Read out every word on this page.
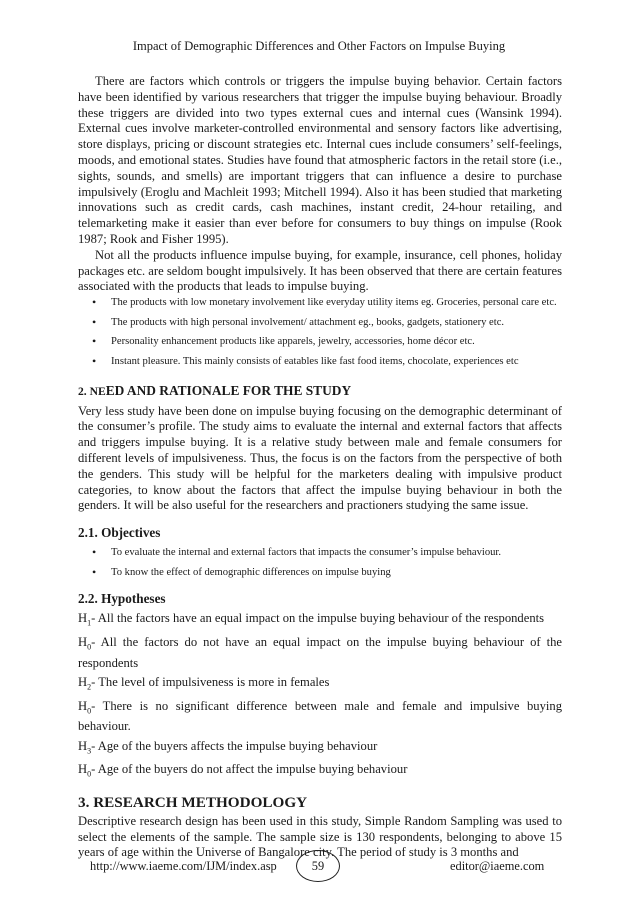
Impact of Demographic Differences and Other Factors on Impulse Buying

There are factors which controls or triggers the impulse buying behavior. Certain factors have been identified by various researchers that trigger the impulse buying behaviour. Broadly these triggers are divided into two types external cues and internal cues (Wansink 1994). External cues involve marketer-controlled environmental and sensory factors like advertising, store displays, pricing or discount strategies etc. Internal cues include consumers’ self-feelings, moods, and emotional states. Studies have found that atmospheric factors in the retail store (i.e., sights, sounds, and smells) are important triggers that can influence a desire to purchase impulsively (Eroglu and Machleit 1993; Mitchell 1994). Also it has been studied that marketing innovations such as credit cards, cash machines, instant credit, 24-hour retailing, and telemarketing make it easier than ever before for consumers to buy things on impulse (Rook 1987; Rook and Fisher 1995).

Not all the products influence impulse buying, for example, insurance, cell phones, holiday packages etc. are seldom bought impulsively. It has been observed that there are certain features associated with the products that leads to impulse buying.

• The products with low monetary involvement like everyday utility items eg. Groceries, personal care etc.
• The products with high personal involvement/ attachment eg., books, gadgets, stationery etc.
• Personality enhancement products like apparels, jewelry, accessories, home décor etc.
• Instant pleasure. This mainly consists of eatables like fast food items, chocolate, experiences etc
2. NEED AND RATIONALE FOR THE STUDY

Very less study have been done on impulse buying focusing on the demographic determinant of the consumer’s profile. The study aims to evaluate the internal and external factors that affects and triggers impulse buying. It is a relative study between male and female consumers for different levels of impulsiveness. Thus, the focus is on the factors from the perspective of both the genders. This study will be helpful for the marketers dealing with impulsive product categories, to know about the factors that affect the impulse buying behaviour in both the genders. It will be also useful for the researchers and practioners studying the same issue.

2.1. Objectives
• To evaluate the internal and external factors that impacts the consumer’s impulse behaviour.
• To know the effect of demographic differences on impulse buying
2.2. Hypotheses
$H_1-$ All the factors have an equal impact on the impulse buying behaviour of the respondents
$H_0-$ All the factors do not have an equal impact on the impulse buying behaviour of the respondents
$H_2-$ The level of impulsiveness is more in females
$H_0-$ There is no significant difference between male and female and impulsive buying behaviour.
$H_3-$ Age of the buyers affects the impulse buying behaviour
$H_0-$ Age of the buyers do not affect the impulse buying behaviour
3. RESEARCH METHODOLOGY

Descriptive research design has been used in this study, Simple Random Sampling was used to select the elements of the sample. The sample size is 130 respondents, belonging to above 15 years of age within the Universe of Bangalore city. The period of study is 3 months and

http://www.iaeme.com/IJM/index.asp	59	editor@iaeme.com
